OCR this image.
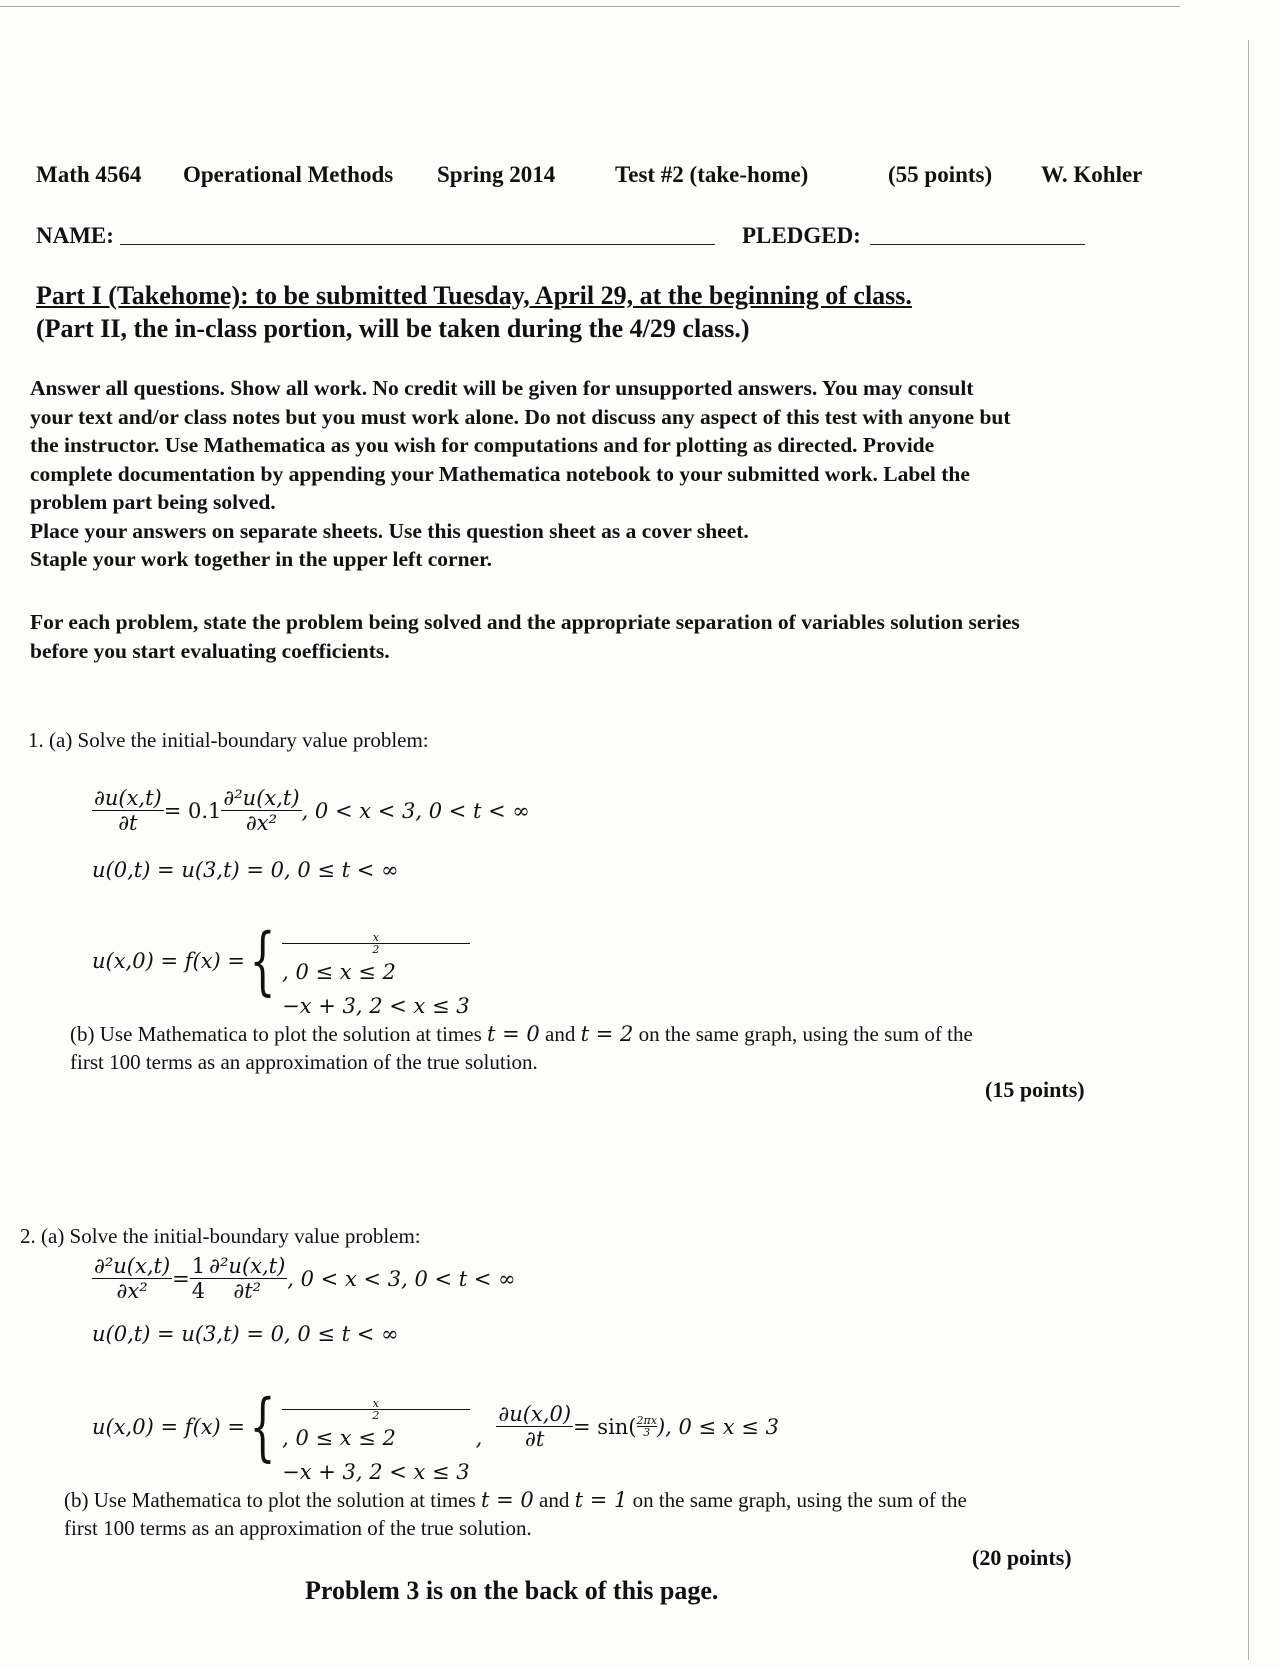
Math 4564 Operational Methods Spring 2014	Test #2 (take-home)	(55 points) W. Kohler
NAME:	PLEDGED:
Part I (Takehome): to be submitted Tuesday, April 29, at the beginning of class.
(Part II, the in-class portion, will be taken during the 4/29 class.)
Answer all questions. Show all work. No credit will be given for unsupported answers. You may consult
your text and/or class notes but you must work alone. Do not discuss any aspect of this test with anyone but
the instructor. Use Mathematica as you wish for computations and for plotting as directed. Provide
complete documentation by appending your Mathematica notebook to your submitted work. Label the
problem part being solved.
Place your answers on separate sheets. Use this question sheet as a cover sheet.
Staple your work together in the upper left corner.
For each problem, state the problem being solved and the appropriate separation of variables solution series
before you start evaluating coefficients.
1. (a) Solve the initial-boundary value problem:
$\frac{\partial u(x,t)}{\partial t} = 0.1 \frac{\text{∂²u(x,t)}}{\text{∂x²}}$ , 0 < x < 3, 0 < t < ∞
u(0,t) = u(3,t) = 0, 0 ≤ t < ∞
u(x,0) = f(x) = {
	x
2
, 0 ≤ x ≤ 2
−x + 3, 2 < x ≤ 3
(b) Use Mathematica to plot the solution at times t = 0 and t = 2 on the same graph, using the sum of the
first 100 terms as an approximation of the true solution.
(15 points)
2. (a) Solve the initial-boundary value problem:
$\frac{\text{∂²u(x,t)}}{\text{∂x²}} = \frac{1}{4} \frac{\text{∂²u(x,t)}}{\text{∂t²}}$ , 0 < x < 3, 0 < t < ∞
u(0,t) = u(3,t) = 0, 0 ≤ t < ∞
u(x,0) = f(x) = {
	x
2
, 0 ≤ x ≤ 2
−x + 3, 2 < x ≤ 3
, $\frac{\partial u(x,0)}{\partial t} = \sin( \frac{2\pi x}{3}$ ), 0 ≤ x ≤ 3
(b) Use Mathematica to plot the solution at times t = 0 and t = 1 on the same graph, using the sum of the
first 100 terms as an approximation of the true solution.
(20 points)
Problem 3 is on the back of this page.
